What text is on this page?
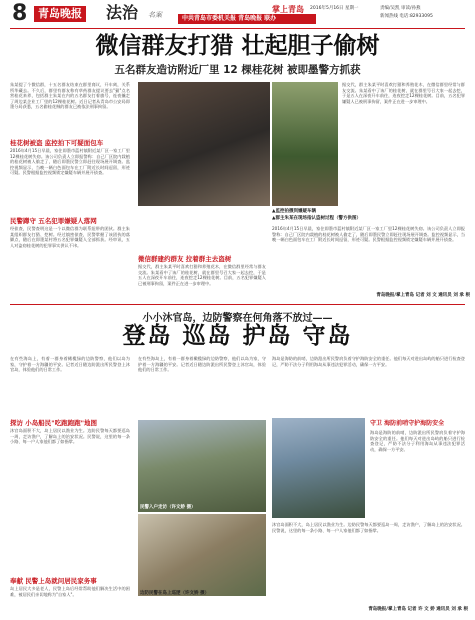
8 青岛晚报 法治 名案
掌上青岛 2016年5月16日 星期一	责编/吴凯 审读/孙燕
新闻热线 电话:82933095
中共青岛市委机关报 青岛晚报 联办
微信群友打猎 壮起胆子偷树
五名群友造访附近厂里 12 棵桂花树 被即墨警方抓获
朱某提了个微信群，十五名群友结束在群里商议，开车离，关系所华藏去。不久后，群里有群友称有草药群友提议要去"猫"点名营桂花来养，包括群主朱某在内的五名群友打着旗号，连夜撬走了周边某企业工厂里的12棵桂花树。近日记者从青岛市公安局即墨分局获悉，五名偷桂花贼的群友已被依法刑事拘留。
桂花树被盗 监控拍下可疑面包车
2016年4月15日早晨，家住即墨市蓝村镇附近某厂区一家工厂里12棵桂花树失窃。该公司负责人立即报警称：自己厂区院内栽植的桂花树被人偷走了，随后即墨民警立即赶往现场展开调查。监控视频显示，当晚一辆白色面包车在工厂附近长时间逗留，形迹可疑。民警根据监控视频锁定嫌疑车辆并展开侦查。
民警蹲守 五名犯罪嫌疑人落网
经侦查，民警查明这是一个以微信群为联系纽带的团伙。群主朱某组织群友打猎、挖树。经过缜密侦查，民警掌握了该团伙的落脚点，随后在即墨某村将五名犯罪嫌疑人全部抓获。经审讯，五人对盗窃桂花树的犯罪事实供认不讳。
据交代，群主朱某平时喜欢打猎和养殖花木，在微信群里经常与群友交流。朱某看中了该厂的桂花树，就在群里号召大家一起去挖，于是五人在深夜开车前往，连夜挖走12棵桂花树。目前，五名犯罪嫌疑人已被刑事拘留，案件正在进一步审理中。
▲监控拍摄到嫌疑车辆
▲群主朱某在现场指认盗树过程（警方供图）
微信群建约群友 拉着群主去盗树
据交代，群主朱某平时喜欢打猎和养殖花木，在微信群里经常与群友交流。朱某看中了该厂的桂花树，就在群里号召大家一起去挖，于是五人在深夜开车前往，连夜挖走12棵桂花树。目前，五名犯罪嫌疑人已被刑事拘留，案件正在进一步审理中。
2016年4月15日早晨，家住即墨市蓝村镇附近某厂区一家工厂里12棵桂花树失窃。该公司负责人立即报警称：自己厂区院内栽植的桂花树被人偷走了，随后即墨民警立即赶往现场展开调查。监控视频显示，当晚一辆白色面包车在工厂附近长时间逗留，形迹可疑。民警根据监控视频锁定嫌疑车辆并展开侦查。
青岛晚报/掌上青岛 记者 刘 文 通讯员 刘 承 根
小小沐官岛，边防警察在何角落不放过——
登岛 巡岛 护岛 守岛
在有些海岛上，有着一群身着橄榄绿的边防警察，他们以岛为家，守护着一方海疆的平安。记者近日随边防派出所民警登上沐官岛，体验他们的日常工作。
探访 小岛船民"吃跑跑跑"地图
沐官岛面积不大，岛上居民以渔业为生。边防民警每天都要巡岛一周，走访渔户，了解岛上的治安状况。民警说，这里的每一条小路、每一户人家他们都了如指掌。
奉献 民警上岛就问居民家务事
岛上居民大多是老人，民警上岛后经常帮助他们解决生活中的困难，被居民们亲切地称为"自家人"。
在有些海岛上，有着一群身着橄榄绿的边防警察，他们以岛为家，守护着一方海疆的平安。记者近日随边防派出所民警登上沐官岛，体验他们的日常工作。
海岛是海防的前哨，边防派出所民警肩负着守护海防安全的重任。他们每天对进出岛屿的船只进行检查登记，严防不法分子利用海岛从事违法犯罪活动，确保一方平安。
民警入户走访（许文娇 摄）
边防民警在岛上巡逻（许文娇 摄）
守卫 海防前哨守护海防安全
海岛是海防的前哨，边防派出所民警肩负着守护海防安全的重任。他们每天对进出岛屿的船只进行检查登记，严防不法分子利用海岛从事违法犯罪活动，确保一方平安。
沐官岛面积不大，岛上居民以渔业为生。边防民警每天都要巡岛一周，走访渔户，了解岛上的治安状况。民警说，这里的每一条小路、每一户人家他们都了如指掌。
青岛晚报/掌上青岛 记者 许 文 娇 通讯员 刘 承 根
